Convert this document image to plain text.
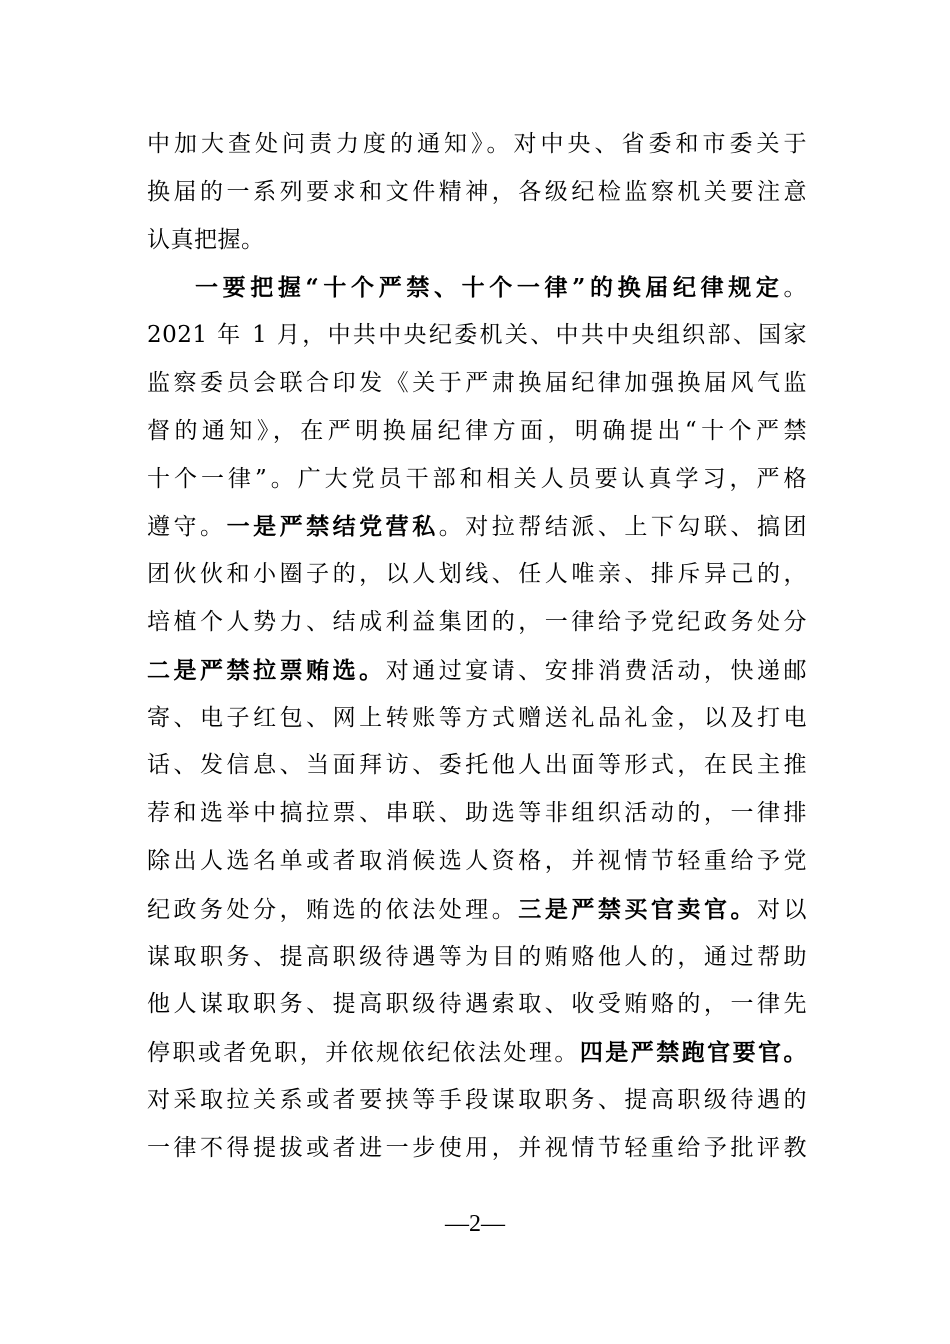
中加大查处问责力度的通知》。对中央、省委和市委关于
换届的一系列要求和文件精神，各级纪检监察机关要注意
认真把握。
一要把握“十个严禁、十个一律”的换届纪律规定。
2021 年 1 月，中共中央纪委机关、中共中央组织部、国家
监察委员会联合印发《关于严肃换届纪律加强换届风气监
督的通知》，在严明换届纪律方面，明确提出“十个严禁
十个一律”。广大党员干部和相关人员要认真学习，严格
遵守。一是严禁结党营私。对拉帮结派、上下勾联、搞团
团伙伙和小圈子的，以人划线、任人唯亲、排斥异己的，
培植个人势力、结成利益集团的，一律给予党纪政务处分
二是严禁拉票贿选。对通过宴请、安排消费活动，快递邮
寄、电子红包、网上转账等方式赠送礼品礼金，以及打电
话、发信息、当面拜访、委托他人出面等形式，在民主推
荐和选举中搞拉票、串联、助选等非组织活动的，一律排
除出人选名单或者取消候选人资格，并视情节轻重给予党
纪政务处分，贿选的依法处理。三是严禁买官卖官。对以
谋取职务、提高职级待遇等为目的贿赂他人的，通过帮助
他人谋取职务、提高职级待遇索取、收受贿赂的，一律先
停职或者免职，并依规依纪依法处理。四是严禁跑官要官。
对采取拉关系或者要挟等手段谋取职务、提高职级待遇的
一律不得提拔或者进一步使用，并视情节轻重给予批评教
—2—
